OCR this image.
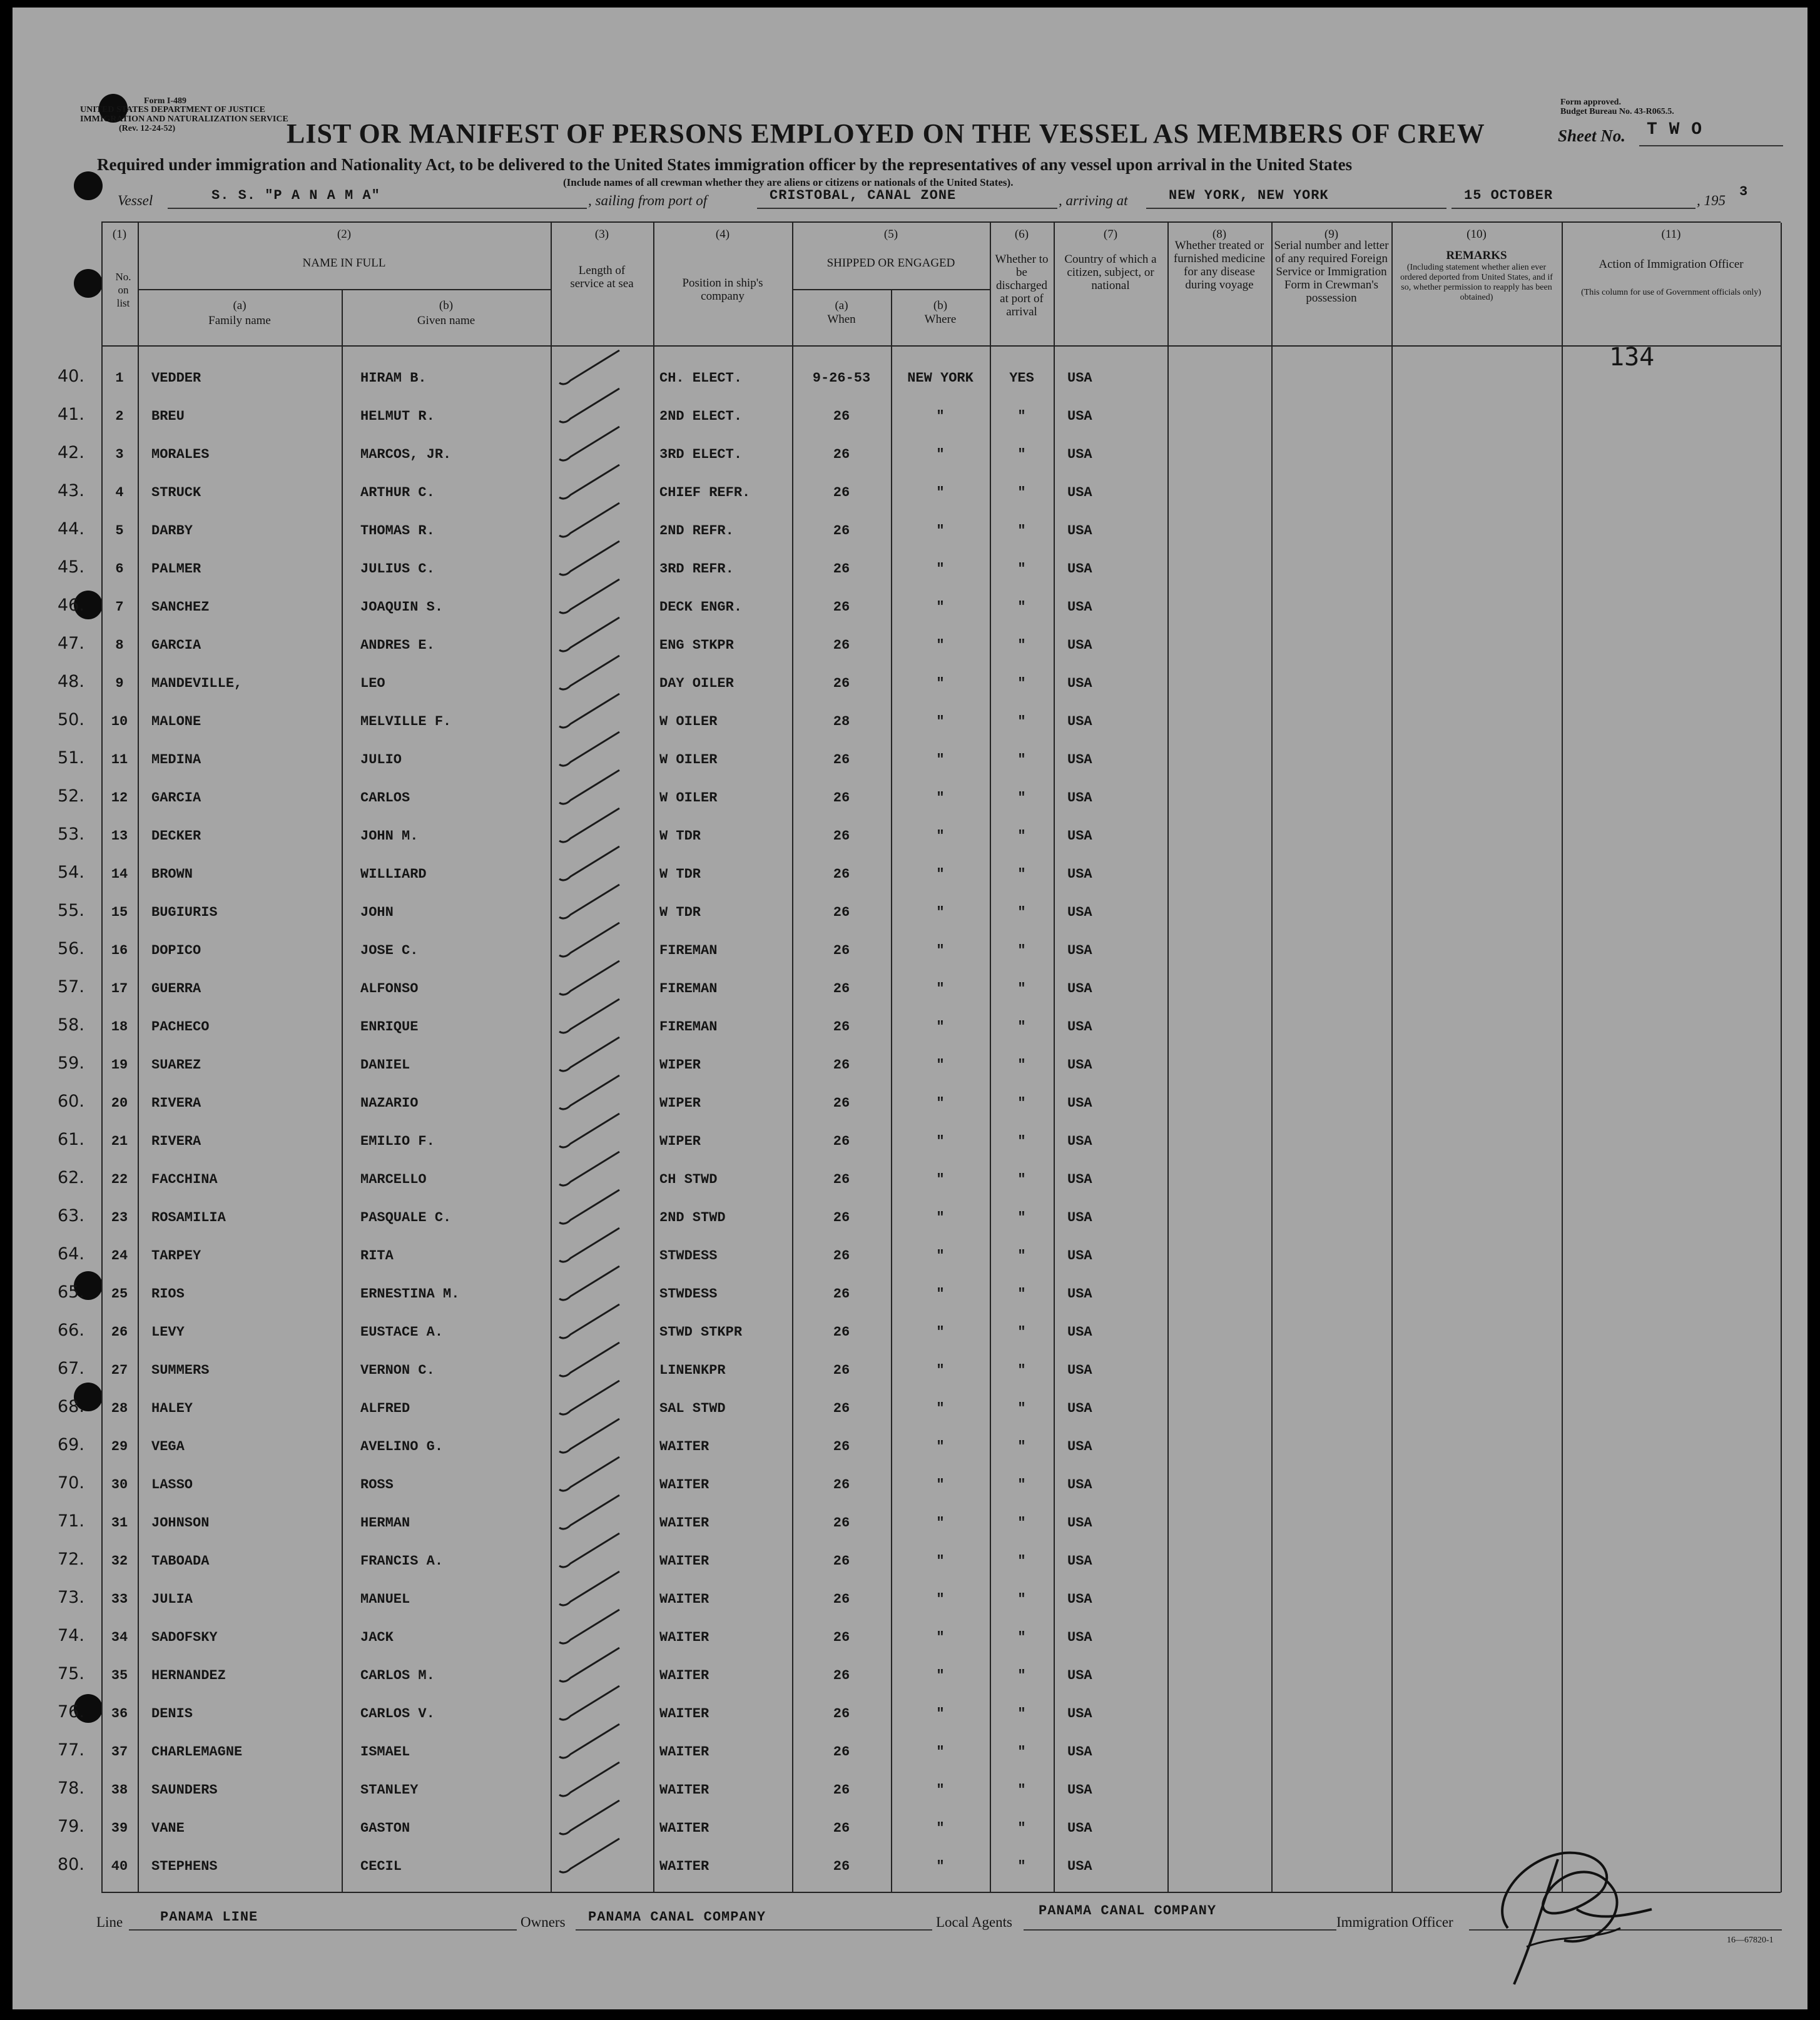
Form I-489
UNITED STATES DEPARTMENT OF JUSTICE
IMMIGRATION AND NATURALIZATION SERVICE
(Rev. 12-24-52)
Form approved.
Budget Bureau No. 43-R065.5.
LIST OR MANIFEST OF PERSONS EMPLOYED ON THE VESSEL AS MEMBERS OF CREW	Sheet No. T W O
Required under immigration and Nationality Act, to be delivered to the United States immigration officer by the representatives of any vessel upon arrival in the United States
(Include names of all crewman whether they are aliens or citizens or nationals of the United States).
Vessel	S. S. "P A N A M A"	, sailing from port of	CRISTOBAL, CANAL ZONE	, arriving at	NEW YORK, NEW YORK	15 OCTOBER	, 195
3
(1)	(2)	(3)	(4)	(5)	(6)	(7)	(8)	(9)	(10)	(11)
No. on list
NAME IN FULL
(a)
Family name
(b)
Given name
Length of service at sea	Position in ship's company
SHIPPED OR ENGAGED
(a)
When
(b)
Where
Whether to be discharged at port of arrival
Country of which a citizen, subject, or national
Whether treated or furnished medicine for any disease during voyage
Serial number and letter of any required Foreign Service or Immigration Form in Crewman's possession
REMARKS
(Including statement whether alien ever ordered deported from United States, and if so, whether permission to reapply has been obtained)
Action of Immigration Officer
(This column for use of Government officials only)
134
40.	1	VEDDER	HIRAM B.	CH. ELECT.	9-26-53	NEW YORK	YES	USA
41.	2	BREU	HELMUT R.	2ND ELECT.	26	"	"	USA
42.	3	MORALES	MARCOS, JR.	3RD ELECT.	26	"	"	USA
43.	4	STRUCK	ARTHUR C.	CHIEF REFR.	26	"	"	USA
44.	5	DARBY	THOMAS R.	2ND REFR.	26	"	"	USA
45.	6	PALMER	JULIUS C.	3RD REFR.	26	"	"	USA
46.	7	SANCHEZ	JOAQUIN S.	DECK ENGR.	26	"	"	USA
47.	8	GARCIA	ANDRES E.	ENG STKPR	26	"	"	USA
48.	9	MANDEVILLE,	LEO	DAY OILER	26	"	"	USA
50.	10	MALONE	MELVILLE F.	W OILER	28	"	"	USA
51.	11	MEDINA	JULIO	W OILER	26	"	"	USA
52.	12	GARCIA	CARLOS	W OILER	26	"	"	USA
53.	13	DECKER	JOHN M.	W TDR	26	"	"	USA
54.	14	BROWN	WILLIARD	W TDR	26	"	"	USA
55.	15	BUGIURIS	JOHN	W TDR	26	"	"	USA
56.	16	DOPICO	JOSE C.	FIREMAN	26	"	"	USA
57.	17	GUERRA	ALFONSO	FIREMAN	26	"	"	USA
58.	18	PACHECO	ENRIQUE	FIREMAN	26	"	"	USA
59.	19	SUAREZ	DANIEL	WIPER	26	"	"	USA
60.	20	RIVERA	NAZARIO	WIPER	26	"	"	USA
61.	21	RIVERA	EMILIO F.	WIPER	26	"	"	USA
62.	22	FACCHINA	MARCELLO	CH STWD	26	"	"	USA
63.	23	ROSAMILIA	PASQUALE C.	2ND STWD	26	"	"	USA
64.	24	TARPEY	RITA	STWDESS	26	"	"	USA
65.	25	RIOS	ERNESTINA M.	STWDESS	26	"	"	USA
66.	26	LEVY	EUSTACE A.	STWD STKPR	26	"	"	USA
67.	27	SUMMERS	VERNON C.	LINENKPR	26	"	"	USA
68.	28	HALEY	ALFRED	SAL STWD	26	"	"	USA
69.	29	VEGA	AVELINO G.	WAITER	26	"	"	USA
70.	30	LASSO	ROSS	WAITER	26	"	"	USA
71.	31	JOHNSON	HERMAN	WAITER	26	"	"	USA
72.	32	TABOADA	FRANCIS A.	WAITER	26	"	"	USA
73.	33	JULIA	MANUEL	WAITER	26	"	"	USA
74.	34	SADOFSKY	JACK	WAITER	26	"	"	USA
75.	35	HERNANDEZ	CARLOS M.	WAITER	26	"	"	USA
76.	36	DENIS	CARLOS V.	WAITER	26	"	"	USA
77.	37	CHARLEMAGNE	ISMAEL	WAITER	26	"	"	USA
78.	38	SAUNDERS	STANLEY	WAITER	26	"	"	USA
79.	39	VANE	GASTON	WAITER	26	"	"	USA
80.	40	STEPHENS	CECIL	WAITER	26	"	"	USA
Line	PANAMA LINE	Owners PANAMA CANAL COMPANY	Local Agents
PANAMA CANAL COMPANY
Immigration Officer
16—67820-1
